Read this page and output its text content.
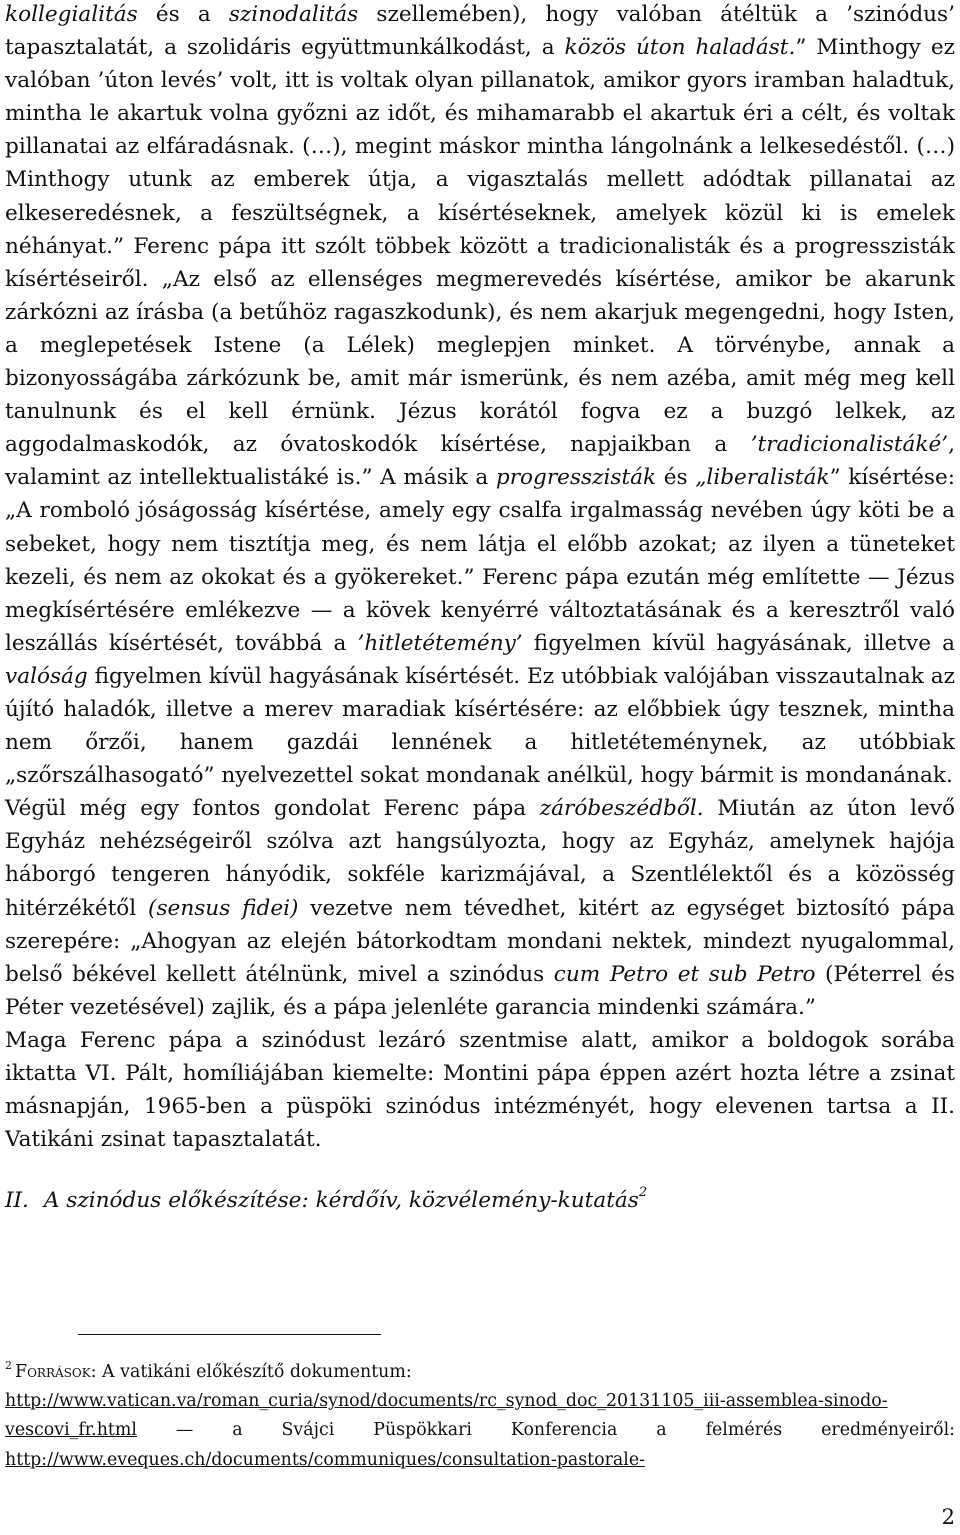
kollegialitás és a szinodalitás szellemében), hogy valóban átéltük a ’szinódus’ tapasztalatát, a szolidáris együttmunkálkodást, a közös úton haladást.” Minthogy ez valóban ’úton levés’ volt, itt is voltak olyan pillanatok, amikor gyors iramban haladtuk, mintha le akartuk volna győzni az időt, és mihamarabb el akartuk éri a célt, és voltak pillanatai az elfáradásnak. (…), megint máskor mintha lángolnánk a lelkesedéstől. (…) Minthogy utunk az emberek útja, a vigasztalás mellett adódtak pillanatai az elkeseredésnek, a feszültségnek, a kísértéseknek, amelyek közül ki is emelek néhányat.” Ferenc pápa itt szólt többek között a tradicionalisták és a progresszisták kísértéseiről. „Az első az ellenséges megmerevedés kísértése, amikor be akarunk zárkózni az írásba (a betűhöz ragaszkodunk), és nem akarjuk megengedni, hogy Isten, a meglepetések Istene (a Lélek) meglepjen minket. A törvénybe, annak a bizonyosságába zárkózunk be, amit már ismerünk, és nem azéba, amit még meg kell tanulnunk és el kell érnünk. Jézus korától fogva ez a buzgó lelkek, az aggodalmaskodók, az óvatoskodók kísértése, napjaikban a ’tradicionalistáké’, valamint az intellektualistáké is.” A másik a progresszisták és „liberalisták” kísértése: „A romboló jóságosság kísértése, amely egy csalfa irgalmasság nevében úgy köti be a sebeket, hogy nem tisztítja meg, és nem látja el előbb azokat; az ilyen a tüneteket kezeli, és nem az okokat és a gyökereket.” Ferenc pápa ezután még említette — Jézus megkísértésére emlékezve — a kövek kenyérré változtatásának és a keresztről való leszállás kísértését, továbbá a ’hitletétemény’ figyelmen kívül hagyásának, illetve a valóság figyelmen kívül hagyásának kísértését. Ez utóbbiak valójában visszautalnak az újító haladók, illetve a merev maradiak kísértésére: az előbbiek úgy tesznek, mintha nem őrzői, hanem gazdái lennének a hitletéteménynek, az utóbbiak „szőrszálhasogató” nyelvezettel sokat mondanak anélkül, hogy bármit is mondanának.

Végül még egy fontos gondolat Ferenc pápa záróbeszédből. Miután az úton levő Egyház nehézségeiről szólva azt hangsúlyozta, hogy az Egyház, amelynek hajója háborgó tengeren hányódik, sokféle karizmájával, a Szentlélektől és a közösség hitérzékétől (sensus fidei) vezetve nem tévedhet, kitért az egységet biztosító pápa szerepére: „Ahogyan az elején bátorkodtam mondani nektek, mindezt nyugalommal, belső békével kellett átélnünk, mivel a szinódus cum Petro et sub Petro (Péterrel és Péter vezetésével) zajlik, és a pápa jelenléte garancia mindenki számára.”

Maga Ferenc pápa a szinódust lezáró szentmise alatt, amikor a boldogok sorába iktatta VI. Pált, homíliájában kiemelte: Montini pápa éppen azért hozta létre a zsinat másnapján, 1965-ben a püspöki szinódus intézményét, hogy elevenen tartsa a II. Vatikáni zsinat tapasztalatát.

II. A szinódus előkészítése: kérdőív, közvélemény-kutatás$^2$
$^2$ Források: A vatikáni előkészítő dokumentum:
http://www.vatican.va/roman_curia/synod/documents/rc_synod_doc_20131105_iii-assemblea-sinodo-vescovi_fr.html — a Svájci Püspökkari Konferencia a felmérés eredményeiről: http://www.eveques.ch/documents/communiques/consultation-pastorale-
2
